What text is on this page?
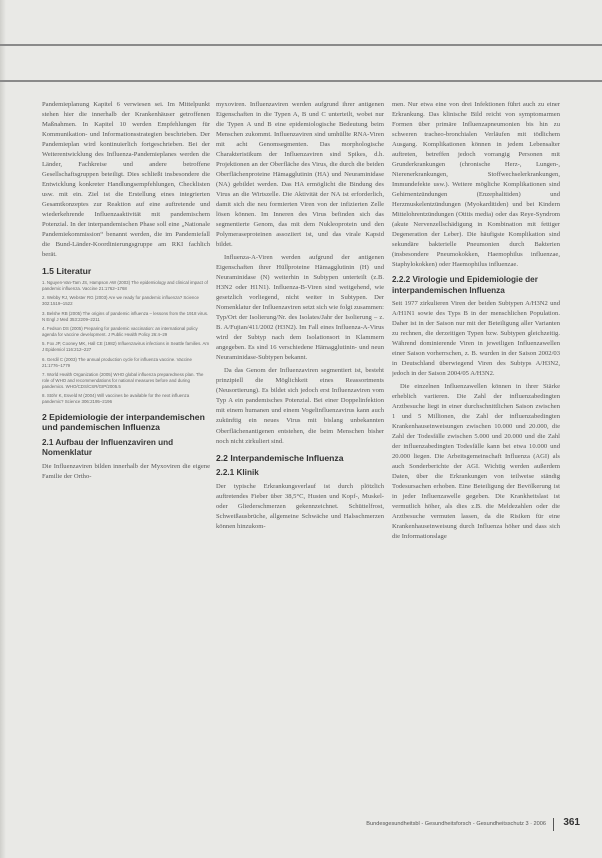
Pandemieplanung Kapitel 6 verwiesen sei. Im Mittelpunkt stehen hier die innerhalb der Krankenhäuser getroffenen Maßnahmen. In Kapitel 10 werden Empfehlungen für Kommunikation- und Informationsstrategien beschrieben. Der Pandemieplan wird kontinuierlich fortgeschrieben. Bei der Weiterentwicklung des Influenza-Pandemieplanes werden die Länder, Fachkreise und andere betroffene Gesellschaftsgruppen beteiligt. Dies schließt insbesondere die Entwicklung konkreter Handlungsempfehlungen, Checklisten usw. mit ein. Ziel ist die Erstellung eines integrierten Gesamtkonzeptes zur Reaktion auf eine auftretende und wiederkehrende Influenzaaktivität mit pandemischem Potenzial. In der interpandemischen Phase soll eine „Nationale Pandemiekommission“ benannt werden, die im Pandemiefall die Bund-Länder-Koordinierungsgruppe am RKI fachlich berät.

1.5 Literatur
1. Nguyen-Van-Tam JS, Hampson AW (2003) The epidemiology and clinical impact of pandemic influenza. Vaccine 21:1762–1768
2. Webby RJ, Webster RG (2003) Are we ready for pandemic influenza? Science 302:1519–1522
3. Belshe RB (2005) The origins of pandemic influenza – lessons from the 1918 virus. N Engl J Med 353:2209–2211
4. Fedson DS (2005) Preparing for pandemic vaccination: an international policy agenda for vaccine development. J Public Health Policy 26:4–29
5. Fox JP, Cooney MK, Hall CE (1982) Influenzavirus infections in Seattle families. Am J Epidemiol 116:212–227
6. Gerdil C (2003) The annual production cycle for influenza vaccine. Vaccine 21:1776–1779
7. World Health Organization (2005) WHO global influenza preparedness plan. The role of WHO and recommendations for national measures before and during pandemics. WHO/CDS/CSR/GIP/2005.5
8. Stöhr K, Esveld M (2004) Will vaccines be available for the next influenza pandemic? Science 306:2195–2196
2 Epidemiologie der interpandemischen und pandemischen Influenza
2.1 Aufbau der Influenzaviren und Nomenklatur

Die Influenzaviren bilden innerhalb der Myxoviren die eigene Familie der Ortho-

myxoviren. Influenzaviren werden aufgrund ihrer antigenen Eigenschaften in die Typen A, B und C unterteilt, wobei nur die Typen A und B eine epidemiologische Bedeutung beim Menschen zukommt. Influenzaviren sind umhüllte RNA-Viren mit acht Genomsegmenten. Das morphologische Charakteristikum der Influenzaviren sind Spikes, d.h. Projektionen an der Oberfläche des Virus, die durch die beiden Oberflächenproteine Hämagglutinin (HA) und Neuraminidase (NA) gebildet werden. Das HA ermöglicht die Bindung des Virus an die Wirtszelle. Die Aktivität der NA ist erforderlich, damit sich die neu formierten Viren von der infizierten Zelle lösen können. Im Inneren des Virus befinden sich das segmentierte Genom, das mit dem Nukleoprotein und den Polymeraseproteinen assoziiert ist, und das virale Kapsid bildet.

Influenza-A-Viren werden aufgrund der antigenen Eigenschaften ihrer Hüllproteine Hämagglutinin (H) und Neuraminidase (N) weiterhin in Subtypen unterteilt (z.B. H3N2 oder H1N1). Influenza-B-Viren sind weitgehend, wie gesetzlich vorliegend, nicht weiter in Subtypen. Der Nomenklatur der Influenzaviren setzt sich wie folgt zusammen: Typ/Ort der Isolierung/Nr. des Isolates/Jahr der Isolierung – z. B. A/Fujian/411/2002 (H3N2). Im Fall eines Influenza-A-Virus wird der Subtyp nach dem Isolationsort in Klammern angegeben. Es sind 16 verschiedene Hämagglutinin- und neun Neuraminidase-Subtypen bekannt.

Da das Genom der Influenzaviren segmentiert ist, besteht prinzipiell die Möglichkeit eines Reassortments (Neusortierung). Es bildet sich jedoch erst Influenzaviren vom Typ A ein pandemisches Potenzial. Bei einer Doppelinfektion mit einem humanen und einem Vogelinfluenzavirus kann auch zukünftig ein neues Virus mit bislang unbekannten Oberflächenantigenen entstehen, die beim Menschen bisher noch nicht zirkuliert sind.

2.2 Interpandemische Influenza
2.2.1 Klinik

Der typische Erkrankungsverlauf ist durch plötzlich auftretendes Fieber über 38,5°C, Husten und Kopf-, Muskel- oder Gliederschmerzen gekennzeichnet. Schüttelfrost, Schweißausbrüche, allgemeine Schwäche und Halsschmerzen können hinzukom-

men. Nur etwa eine von drei Infektionen führt auch zu einer Erkrankung. Das klinische Bild reicht von symptomarmen Formen über primäre Influenzapneumonien bis hin zu schweren tracheo-bronchialen Verläufen mit tödlichem Ausgang. Komplikationen können in jedem Lebensalter auftreten, betreffen jedoch vorrangig Personen mit Grunderkrankungen (chronische Herz-, Lungen-, Nierenerkrankungen, Stoffwechselerkrankungen, Immundefekte usw.). Weitere mögliche Komplikationen sind Gehirnentzündungen (Enzephalitiden) und Herzmuskelentzündungen (Myokarditiden) und bei Kindern Mittelohrentzündungen (Otitis media) oder das Reye-Syndrom (akute Nervenzellschädigung in Kombination mit fettiger Degeneration der Leber). Die häufigste Komplikation sind sekundäre bakterielle Pneumonien durch Bakterien (insbesondere Pneumokokken, Haemophilus influenzae, Staphylokokken) oder Haemophilus influenzae.

2.2.2 Virologie und Epidemiologie der interpandemischen Influenza

Seit 1977 zirkulieren Viren der beiden Subtypen A/H3N2 und A/H1N1 sowie des Typs B in der menschlichen Population. Daher ist in der Saison nur mit der Beteiligung aller Varianten zu rechnen, die derzeitigen Typen bzw. Subtypen gleichzeitig. Während dominierende Viren in jeweiligen Influenzawellen einer Saison vorherrschen, z. B. wurden in der Saison 2002/03 in Deutschland überwiegend Viren des Subtyps A/H3N2, jedoch in der Saison 2004/05 A/H3N2.

Die einzelnen Influenzawellen können in ihrer Stärke erheblich variieren. Die Zahl der influenzabedingten Arztbesuche liegt in einer durchschnittlichen Saison zwischen 1 und 5 Millionen, die Zahl der influenzabedingten Krankenhauseinweisungen zwischen 10.000 und 20.000, die Zahl der Todesfälle zwischen 5.000 und 20.000 und die Zahl der influenzabedingten Todesfälle kann bei etwa 10.000 und 20.000 liegen. Die Arbeitsgemeinschaft Influenza (AGI) als auch Sonderberichte der AGI. Wichtig werden außerdem Daten, über die Erkrankungen von teilweise ständig Todesursachen erhoben. Eine Beteiligung der Bevölkerung ist in jeder Influenzawelle gegeben. Die Krankheitslast ist vermutlich höher, als dies z.B. die Meldezahlen oder die Arztbesuche vermuten lassen, da die Risiken für eine Krankenhauseinweisung durch Influenza höher und dass sich die Informationslage

Bundesgesundheitsbl - Gesundheitsforsch - Gesundheitsschutz 3 · 2006 361
